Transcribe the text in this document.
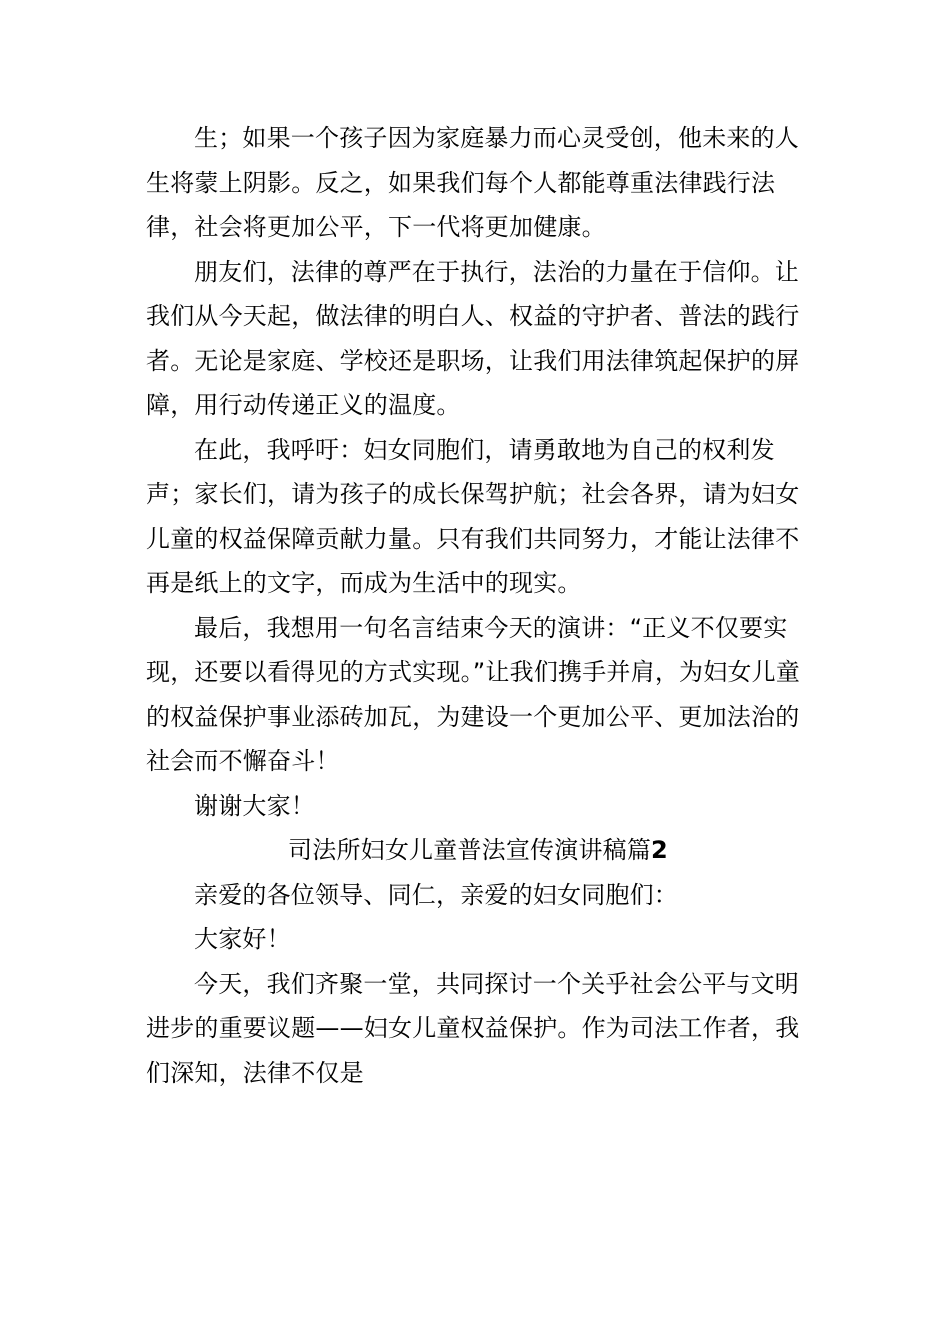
生；如果一个孩子因为家庭暴力而心灵受创，他未来的人生将蒙上阴影。反之，如果我们每个人都能尊重法律践行法律，社会将更加公平，下一代将更加健康。

朋友们，法律的尊严在于执行，法治的力量在于信仰。让我们从今天起，做法律的明白人、权益的守护者、普法的践行者。无论是家庭、学校还是职场，让我们用法律筑起保护的屏障，用行动传递正义的温度。

在此，我呼吁：妇女同胞们，请勇敢地为自己的权利发声；家长们，请为孩子的成长保驾护航；社会各界，请为妇女儿童的权益保障贡献力量。只有我们共同努力，才能让法律不再是纸上的文字，而成为生活中的现实。

最后，我想用一句名言结束今天的演讲：“正义不仅要实现，还要以看得见的方式实现。”让我们携手并肩，为妇女儿童的权益保护事业添砖加瓦，为建设一个更加公平、更加法治的社会而不懈奋斗！

谢谢大家！

司法所妇女儿童普法宣传演讲稿篇2

亲爱的各位领导、同仁，亲爱的妇女同胞们：

大家好！

今天，我们齐聚一堂，共同探讨一个关乎社会公平与文明进步的重要议题——妇女儿童权益保护。作为司法工作者，我们深知，法律不仅是
